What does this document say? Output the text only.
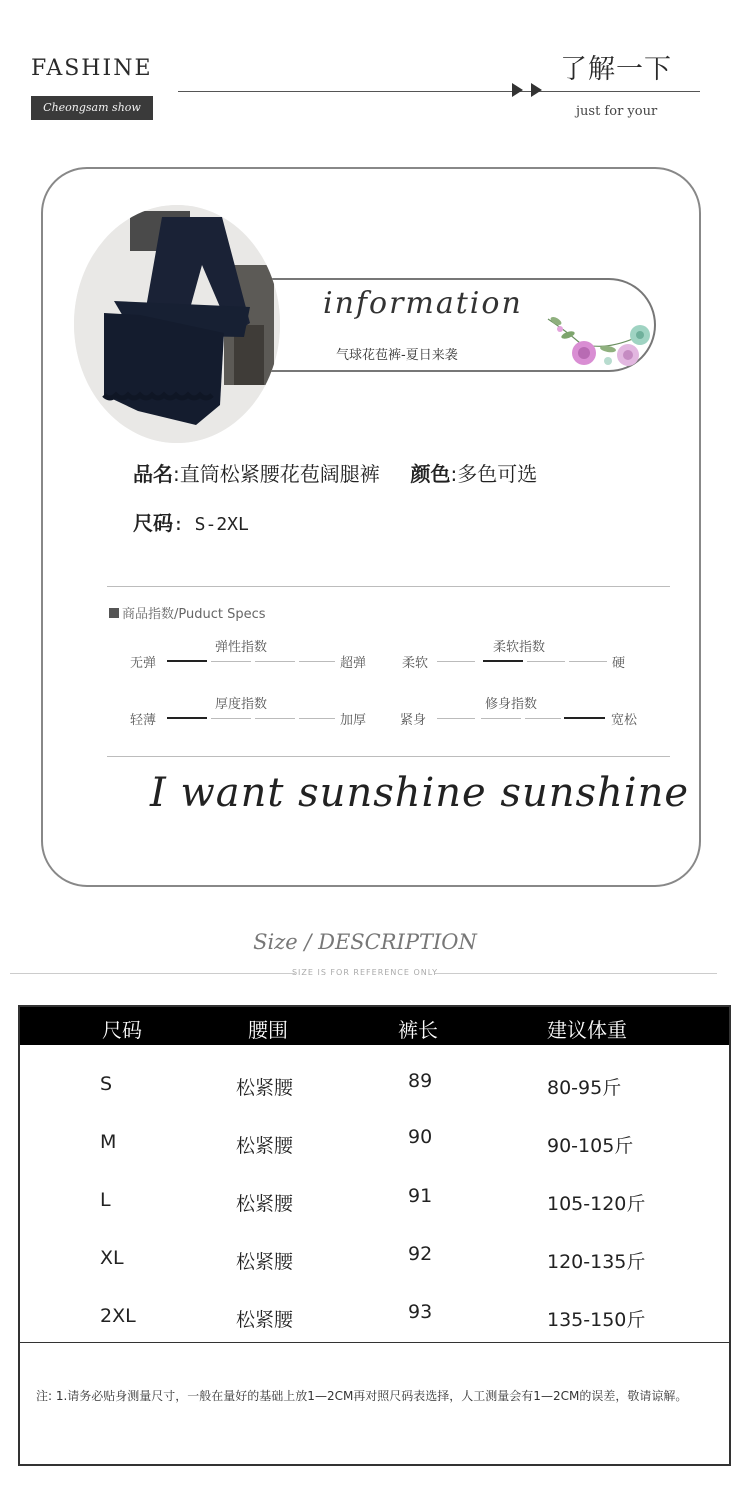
FASHINE
Cheongsam show
了解一下
just for your
information
气球花苞裤-夏日来袭
品名:直筒松紧腰花苞阔腿裤 颜色:多色可选
尺码: S-2XL
商品指数/Puduct Specs
无弹
弹性指数
超弹	柔软
柔软指数
硬
轻薄
厚度指数
加厚	紧身
修身指数
宽松
I want sunshine sunshine
Size / DESCRIPTION
SIZE IS FOR REFERENCE ONLY
尺码	腰围	裤长	建议体重
S	松紧腰	89	80-95斤
M	松紧腰	90	90-105斤
L	松紧腰	91	105-120斤
XL	松紧腰	92	120-135斤
2XL	松紧腰	93	135-150斤
注: 1.请务必贴身测量尺寸，一般在量好的基础上放1—2CM再对照尺码表选择，人工测量会有1—2CM的误差，敬请谅解。
